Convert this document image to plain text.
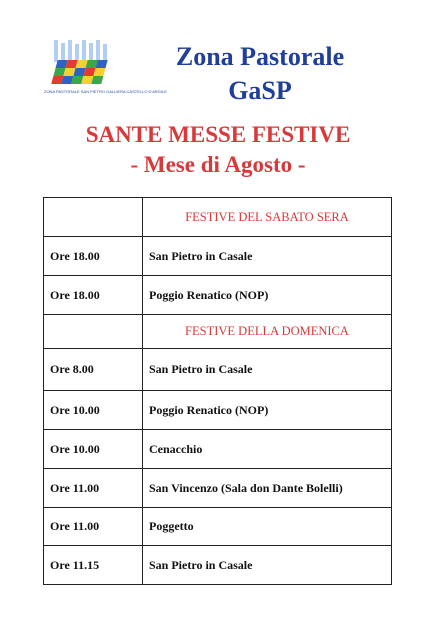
ZONA PASTORALE SAN PIETRO GALLIERA CASTELLO D'ARGILE
Zona Pastorale
GaSP
SANTE MESSE FESTIVE
- Mese di Agosto -
	FESTIVE DEL SABATO SERA
Ore 18.00	San Pietro in Casale
Ore 18.00	Poggio Renatico (NOP)
	FESTIVE DELLA DOMENICA
Ore 8.00	San Pietro in Casale
Ore 10.00	Poggio Renatico (NOP)
Ore 10.00	Cenacchio
Ore 11.00	San Vincenzo (Sala don Dante Bolelli)
Ore 11.00	Poggetto
Ore 11.15	San Pietro in Casale
